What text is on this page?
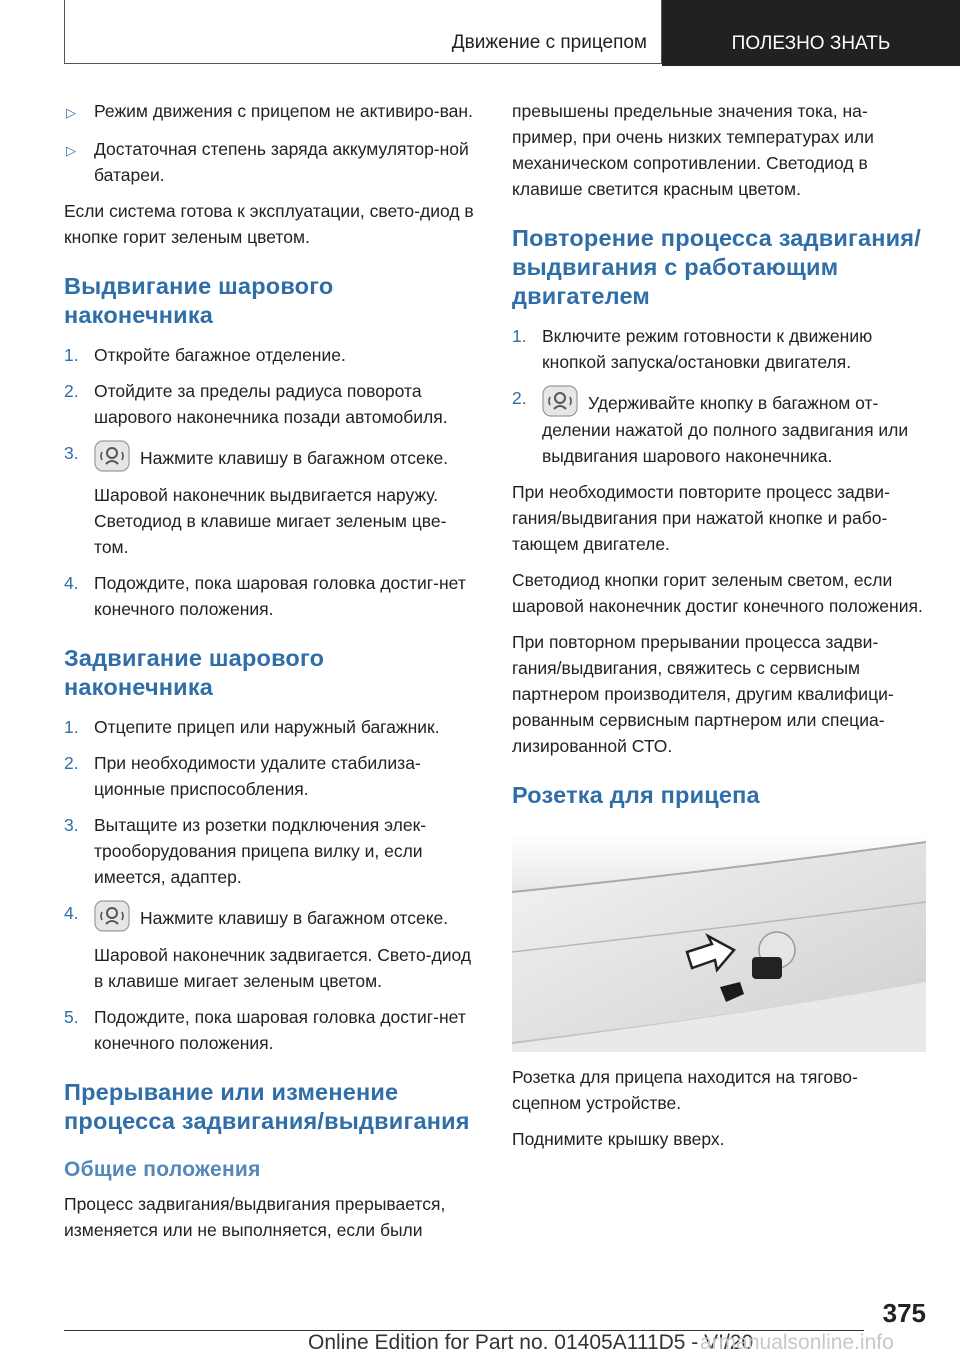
Движение с прицепом	ПОЛЕЗНО ЗНАТЬ
▷	Режим движения с прицепом не активиро-ван.
▷	Достаточная степень заряда аккумулятор-ной батареи.

Если система готова к эксплуатации, свето-диод в кнопке горит зеленым цветом.

Выдвигание шарового наконечника
1. Откройте багажное отделение.
2. Отойдите за пределы радиуса поворота шарового наконечника позади автомобиля.
3.	Нажмите клавишу в багажном отсеке.
Шаровой наконечник выдвигается наружу. Светодиод в клавише мигает зеленым цве-том.
4. Подождите, пока шаровая головка достиг-нет конечного положения.
Задвигание шарового наконечника
1. Отцепите прицеп или наружный багажник.
2. При необходимости удалите стабилиза-ционные приспособления.
3. Вытащите из розетки подключения элек-трооборудования прицепа вилку и, если имеется, адаптер.
4.	Нажмите клавишу в багажном отсеке.
Шаровой наконечник задвигается. Свето-диод в клавише мигает зеленым цветом.
5. Подождите, пока шаровая головка достиг-нет конечного положения.
Прерывание или изменение процесса задвигания/выдвигания
Общие положения

Процесс задвигания/выдвигания прерывается, изменяется или не выполняется, если были

превышены предельные значения тока, на-пример, при очень низких температурах или механическом сопротивлении. Светодиод в клавише светится красным цветом.

Повторение процесса задвигания/выдвигания с работающим двигателем
1. Включите режим готовности к движению кнопкой запуска/остановки двигателя.
2.	Удерживайте кнопку в багажном от-делении нажатой до полного задвигания или выдвигания шарового наконечника.

При необходимости повторите процесс задви-гания/выдвигания при нажатой кнопке и рабо-тающем двигателе.

Светодиод кнопки горит зеленым светом, если шаровой наконечник достиг конечного положения.

При повторном прерывании процесса задви-гания/выдвигания, свяжитесь с сервисным партнером производителя, другим квалифици-рованным сервисным партнером или специа-лизированной СТО.

Розетка для прицепа

Розетка для прицепа находится на тягово-сцепном устройстве.

Поднимите крышку вверх.

375
Online Edition for Part no. 01405A111D5 - VI/20
armanualsonline.info
